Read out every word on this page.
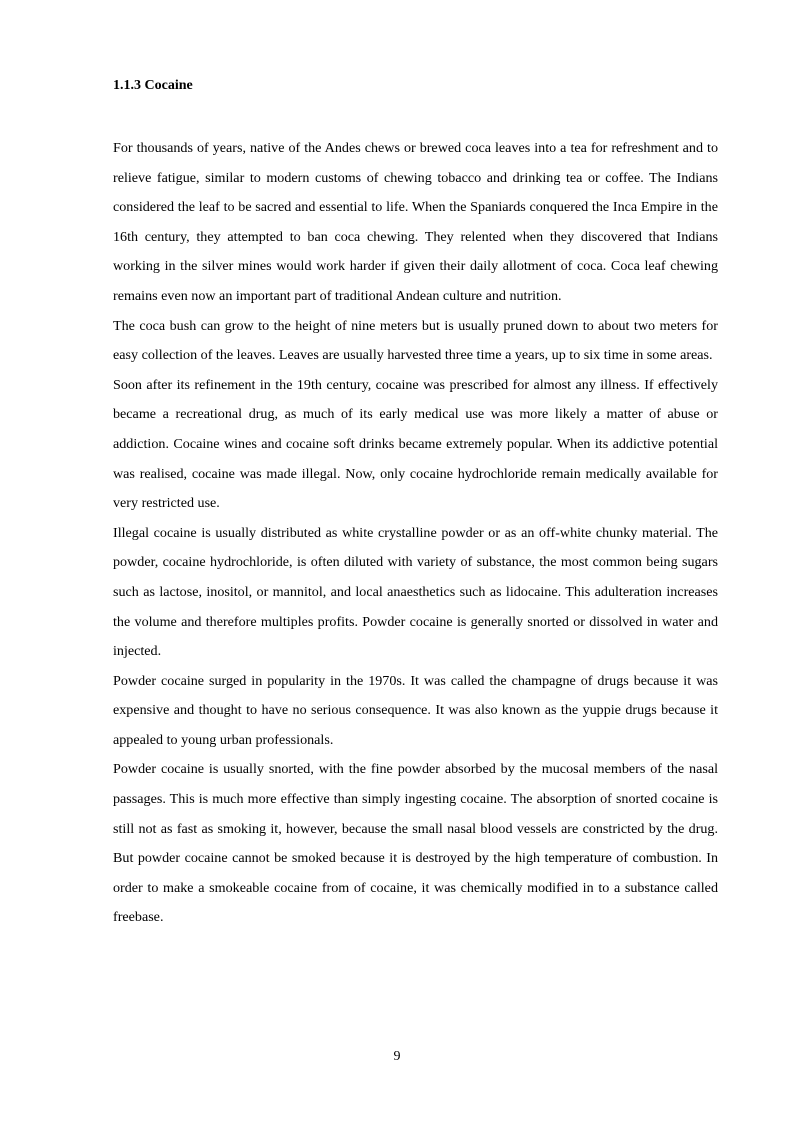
1.1.3 Cocaine

For thousands of years, native of the Andes chews or brewed coca leaves into a tea for refreshment and to relieve fatigue, similar to modern customs of chewing tobacco and drinking tea or coffee. The Indians considered the leaf to be sacred and essential to life. When the Spaniards conquered the Inca Empire in the 16th century, they attempted to ban coca chewing. They relented when they discovered that Indians working in the silver mines would work harder if given their daily allotment of coca. Coca leaf chewing remains even now an important part of traditional Andean culture and nutrition.

The coca bush can grow to the height of nine meters but is usually pruned down to about two meters for easy collection of the leaves. Leaves are usually harvested three time a years, up to six time in some areas.

Soon after its refinement in the 19th century, cocaine was prescribed for almost any illness. If effectively became a recreational drug, as much of its early medical use was more likely a matter of abuse or addiction. Cocaine wines and cocaine soft drinks became extremely popular. When its addictive potential was realised, cocaine was made illegal. Now, only cocaine hydrochloride remain medically available for very restricted use.

Illegal cocaine is usually distributed as white crystalline powder or as an off-white chunky material. The powder, cocaine hydrochloride, is often diluted with variety of substance, the most common being sugars such as lactose, inositol, or mannitol, and local anaesthetics such as lidocaine. This adulteration increases the volume and therefore multiples profits. Powder cocaine is generally snorted or dissolved in water and injected.

Powder cocaine surged in popularity in the 1970s. It was called the champagne of drugs because it was expensive and thought to have no serious consequence. It was also known as the yuppie drugs because it appealed to young urban professionals.

Powder cocaine is usually snorted, with the fine powder absorbed by the mucosal members of the nasal passages. This is much more effective than simply ingesting cocaine. The absorption of snorted cocaine is still not as fast as smoking it, however, because the small nasal blood vessels are constricted by the drug. But powder cocaine cannot be smoked because it is destroyed by the high temperature of combustion. In order to make a smokeable cocaine from of cocaine, it was chemically modified in to a substance called freebase.

9
